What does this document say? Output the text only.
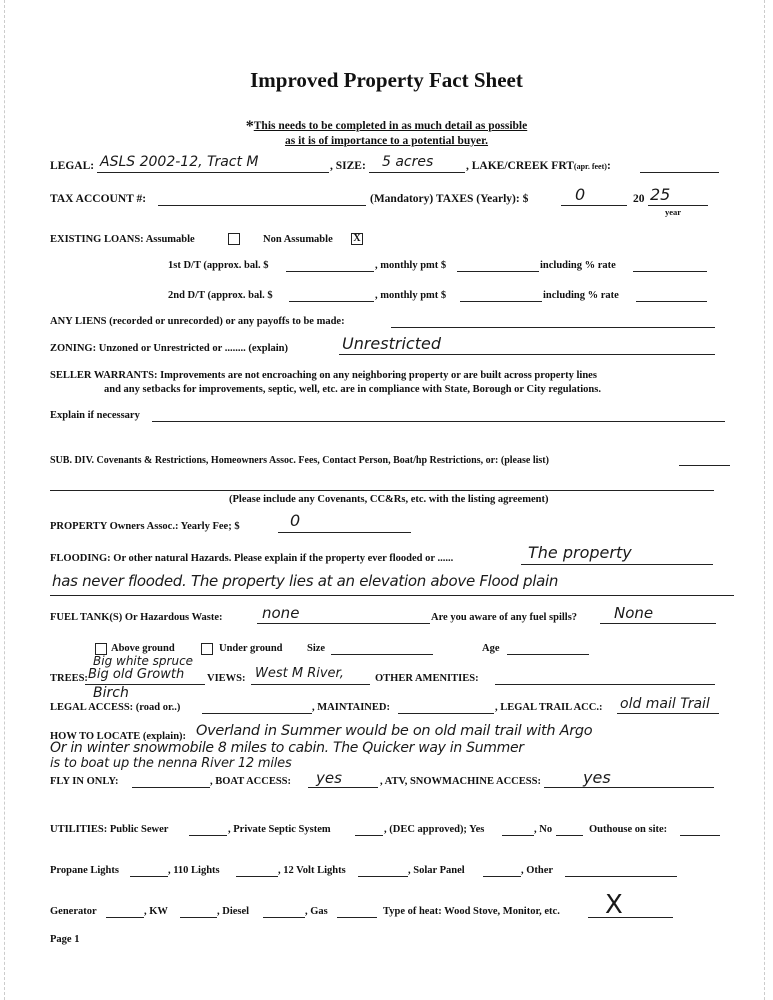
Improved Property Fact Sheet
*This needs to be completed in as much detail as possible
as it is of importance to a potential buyer.
LEGAL: ASLS 2002-12, Tract M	, SIZE: 5 acres	, LAKE/CREEK FRT(apr. feet):
TAX ACCOUNT #:	(Mandatory) TAXES (Yearly): $	0	20 25
year
EXISTING LOANS: Assumable	Non Assumable X
1st D/T (approx. bal. $	, monthly pmt $	including % rate
2nd D/T (approx. bal. $	, monthly pmt $	including % rate
ANY LIENS (recorded or unrecorded) or any payoffs to be made:
ZONING: Unzoned or Unrestricted or ........ (explain)	Unrestricted
SELLER WARRANTS: Improvements are not encroaching on any neighboring property or are built across property lines
and any setbacks for improvements, septic, well, etc. are in compliance with State, Borough or City regulations.
Explain if necessary
SUB. DIV. Covenants & Restrictions, Homeowners Assoc. Fees, Contact Person, Boat/hp Restrictions, or: (please list)
(Please include any Covenants, CC&Rs, etc. with the listing agreement)
PROPERTY Owners Assoc.: Yearly Fee; $	0
FLOODING: Or other natural Hazards. Please explain if the property ever flooded or ......	The property
has never flooded. The property lies at an elevation above Flood plain
FUEL TANK(S) Or Hazardous Waste:	none	Are you aware of any fuel spills? None
Above ground	Under ground Size	Age
Big white spruce
TREES: Big old Growth VIEWS: West M River,	OTHER AMENITIES:
Birch
LEGAL ACCESS: (road or..)	, MAINTAINED:	, LEGAL TRAIL ACC.: old mail Trail
HOW TO LOCATE (explain): Overland in Summer would be on old mail trail with Argo
Or in winter snowmobile 8 miles to cabin. The Quicker way in Summer
is to boat up the nenna River 12 miles
FLY IN ONLY:	, BOAT ACCESS: yes	, ATV, SNOWMACHINE ACCESS:	yes
UTILITIES: Public Sewer	, Private Septic System	, (DEC approved); Yes	, No	Outhouse on site:
Propane Lights	, 110 Lights	, 12 Volt Lights	, Solar Panel	, Other
Generator	, KW	, Diesel	, Gas	Type of heat: Wood Stove, Monitor, etc. X
Page 1
